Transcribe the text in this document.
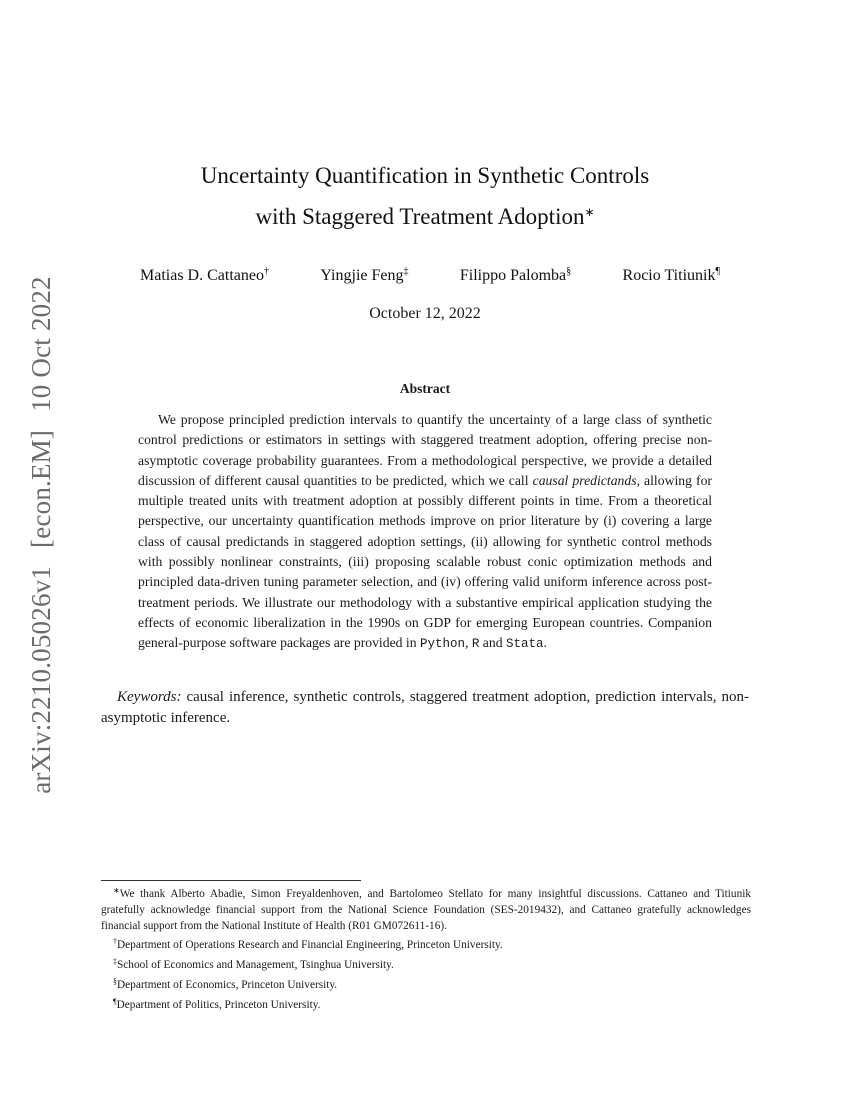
arXiv:2210.05026v1[econ.EM]10 Oct 2022
Uncertainty Quantification in Synthetic Controls
with Staggered Treatment Adoption∗
Matias D. Cattaneo†	Yingjie Feng‡	Filippo Palomba§	Rocio Titiunik¶
October 12, 2022
Abstract
We propose principled prediction intervals to quantify the uncertainty of a large class of synthetic control predictions or estimators in settings with staggered treatment adoption, offering precise non-asymptotic coverage probability guarantees. From a methodological perspective, we provide a detailed discussion of different causal quantities to be predicted, which we call causal predictands, allowing for multiple treated units with treatment adoption at possibly different points in time. From a theoretical perspective, our uncertainty quantification methods improve on prior literature by (i) covering a large class of causal predictands in staggered adoption settings, (ii) allowing for synthetic control methods with possibly nonlinear constraints, (iii) proposing scalable robust conic optimization methods and principled data-driven tuning parameter selection, and (iv) offering valid uniform inference across post-treatment periods. We illustrate our methodology with a substantive empirical application studying the effects of economic liberalization in the 1990s on GDP for emerging European countries. Companion general-purpose software packages are provided in Python, R and Stata.
Keywords: causal inference, synthetic controls, staggered treatment adoption, prediction intervals, non-asymptotic inference.
∗We thank Alberto Abadie, Simon Freyaldenhoven, and Bartolomeo Stellato for many insightful discussions. Cattaneo and Titiunik gratefully acknowledge financial support from the National Science Foundation (SES-2019432), and Cattaneo gratefully acknowledges financial support from the National Institute of Health (R01 GM072611-16).
†Department of Operations Research and Financial Engineering, Princeton University.
‡School of Economics and Management, Tsinghua University.
§Department of Economics, Princeton University.
¶Department of Politics, Princeton University.
